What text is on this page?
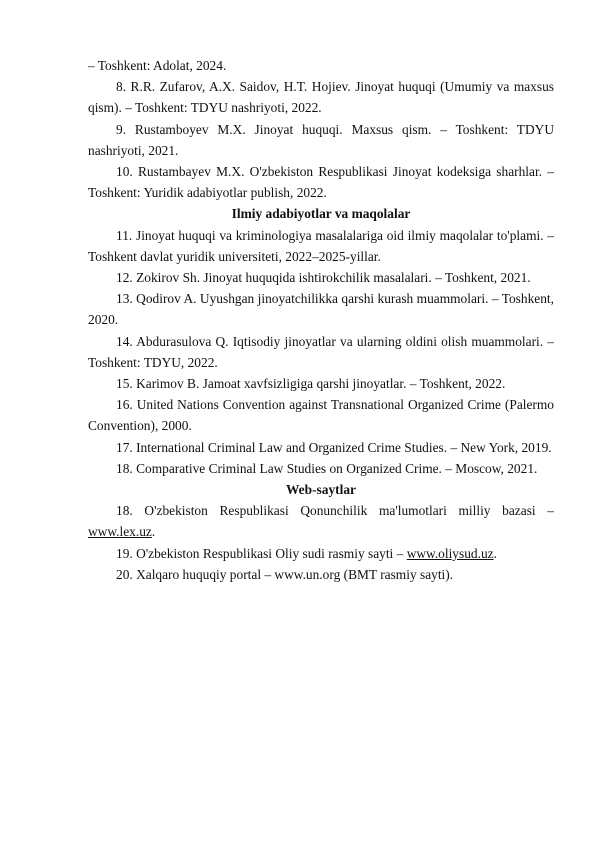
– Toshkent: Adolat, 2024.

8. R.R. Zufarov, A.X. Saidov, H.T. Hojiev. Jinoyat huquqi (Umumiy va maxsus qism). – Toshkent: TDYU nashriyoti, 2022.

9. Rustamboyev M.X. Jinoyat huquqi. Maxsus qism. – Toshkent: TDYU nashriyoti, 2021.

10. Rustambayev M.X. O'zbekiston Respublikasi Jinoyat kodeksiga sharhlar. – Toshkent: Yuridik adabiyotlar publish, 2022.

Ilmiy adabiyotlar va maqolalar

11. Jinoyat huquqi va kriminologiya masalalariga oid ilmiy maqolalar to'plami. – Toshkent davlat yuridik universiteti, 2022–2025-yillar.

12. Zokirov Sh. Jinoyat huquqida ishtirokchilik masalalari. – Toshkent, 2021.

13. Qodirov A. Uyushgan jinoyatchilikka qarshi kurash muammolari. – Toshkent, 2020.

14. Abdurasulova Q. Iqtisodiy jinoyatlar va ularning oldini olish muammolari. – Toshkent: TDYU, 2022.

15. Karimov B. Jamoat xavfsizligiga qarshi jinoyatlar. – Toshkent, 2022.

16. United Nations Convention against Transnational Organized Crime (Palermo Convention), 2000.

17. International Criminal Law and Organized Crime Studies. – New York, 2019.

18. Comparative Criminal Law Studies on Organized Crime. – Moscow, 2021.

Web-saytlar

18. O'zbekiston Respublikasi Qonunchilik ma'lumotlari milliy bazasi – www.lex.uz.

19. O'zbekiston Respublikasi Oliy sudi rasmiy sayti – www.oliysud.uz.

20. Xalqaro huquqiy portal – www.un.org (BMT rasmiy sayti).
